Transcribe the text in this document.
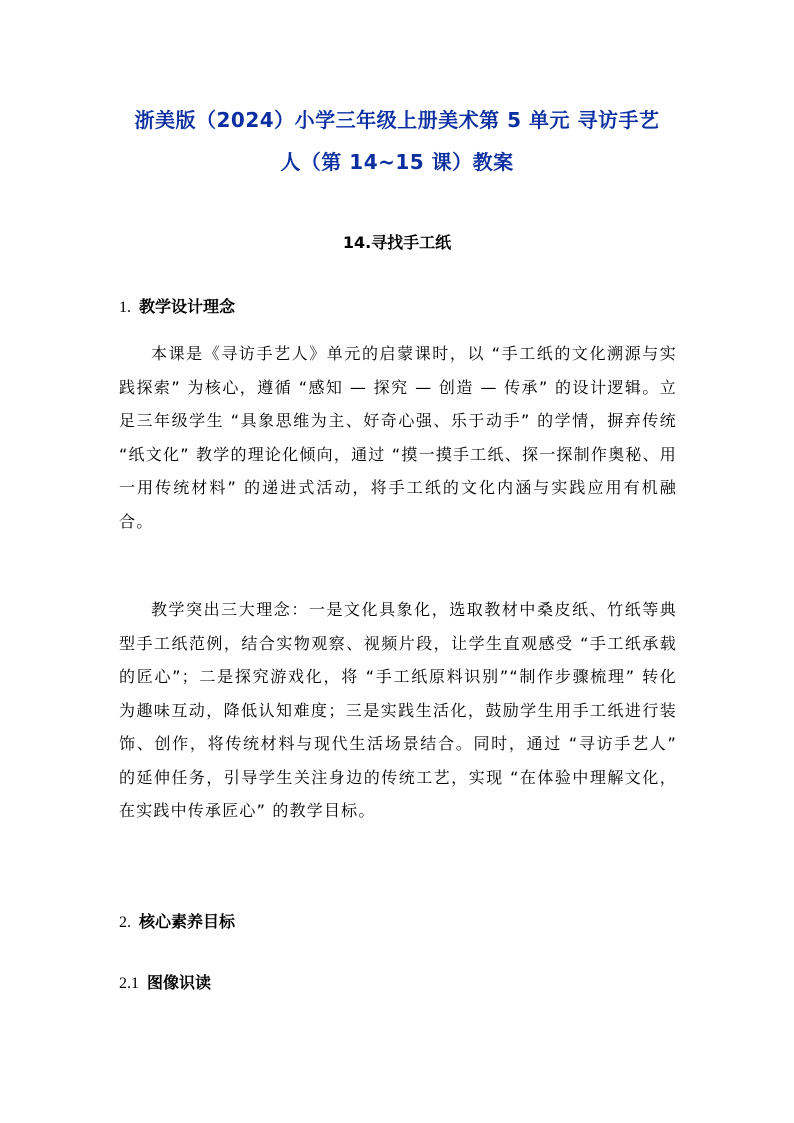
浙美版（2024）小学三年级上册美术第 5 单元 寻访手艺
人（第 14~15 课）教案
14.寻找手工纸
1. 教学设计理念
本课是《寻访手艺人》单元的启蒙课时，以 “手工纸的文化溯源与实践探索” 为核心，遵循 “感知 — 探究 — 创造 — 传承” 的设计逻辑。立足三年级学生 “具象思维为主、好奇心强、乐于动手” 的学情，摒弃传统 “纸文化” 教学的理论化倾向，通过 “摸一摸手工纸、探一探制作奥秘、用一用传统材料” 的递进式活动，将手工纸的文化内涵与实践应用有机融合。
教学突出三大理念：一是文化具象化，选取教材中桑皮纸、竹纸等典型手工纸范例，结合实物观察、视频片段，让学生直观感受 “手工纸承载的匠心”；二是探究游戏化，将 “手工纸原料识别”“制作步骤梳理” 转化为趣味互动，降低认知难度；三是实践生活化，鼓励学生用手工纸进行装饰、创作，将传统材料与现代生活场景结合。同时，通过 “寻访手艺人” 的延伸任务，引导学生关注身边的传统工艺，实现 “在体验中理解文化，在实践中传承匠心” 的教学目标。
2. 核心素养目标
2.1 图像识读
